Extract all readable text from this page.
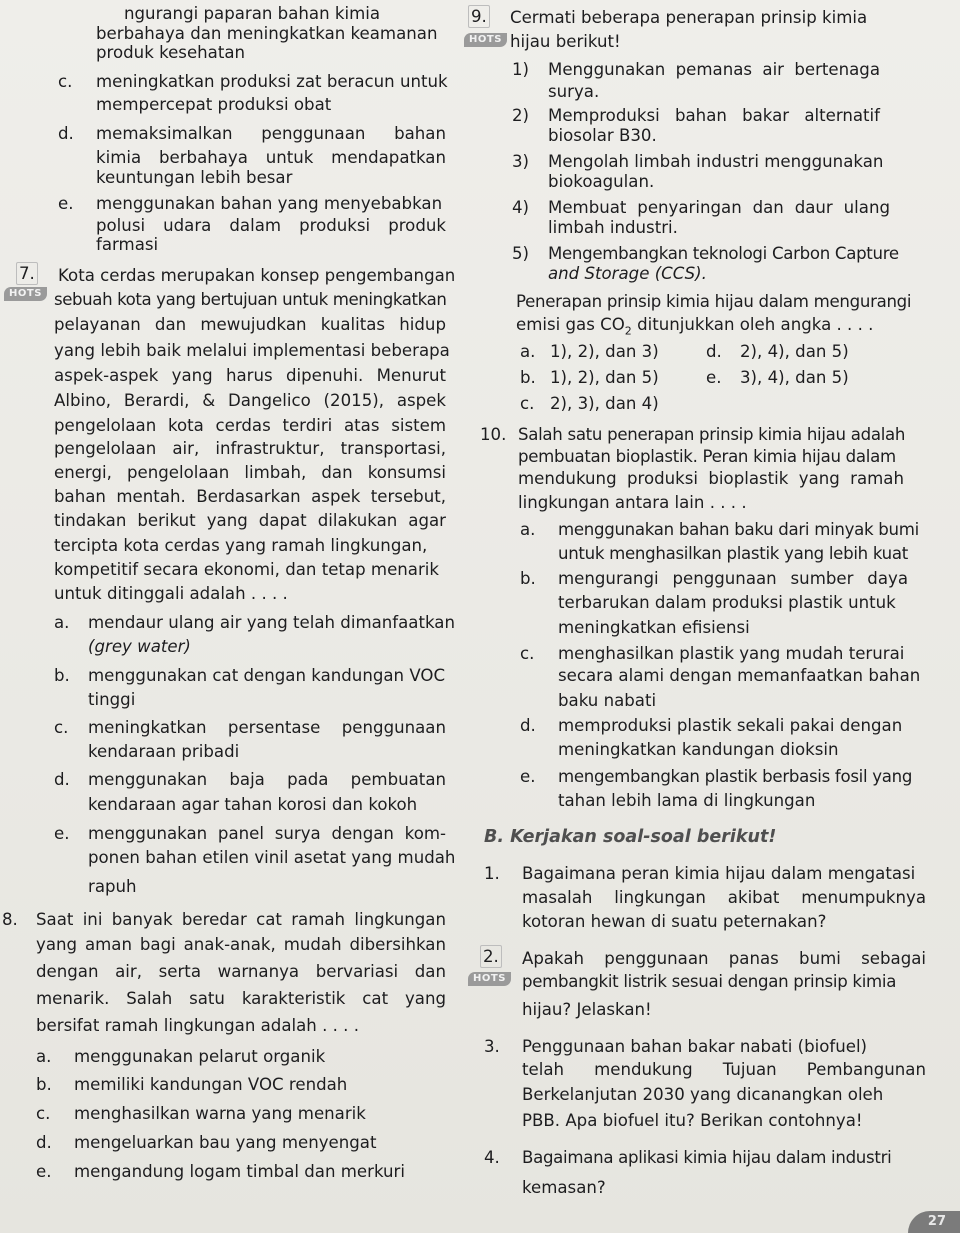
ngurangi paparan bahan kimia
berbahaya dan meningkatkan keamanan
produk kesehatan
c. meningkatkan produksi zat beracun untuk
mempercepat produksi obat
d. memaksimalkan penggunaan bahan
kimia berbahaya untuk mendapatkan
keuntungan lebih besar
e. menggunakan bahan yang menyebabkan
polusi udara dalam produksi produk
farmasi
7.
HOTS
Kota cerdas merupakan konsep pengembangan
sebuah kota yang bertujuan untuk meningkatkan
pelayanan dan mewujudkan kualitas hidup
yang lebih baik melalui implementasi beberapa
aspek-aspek yang harus dipenuhi. Menurut
Albino, Berardi, & Dangelico (2015), aspek
pengelolaan kota cerdas terdiri atas sistem
pengelolaan air, infrastruktur, transportasi,
energi, pengelolaan limbah, dan konsumsi
bahan mentah. Berdasarkan aspek tersebut,
tindakan berikut yang dapat dilakukan agar
tercipta kota cerdas yang ramah lingkungan,
kompetitif secara ekonomi, dan tetap menarik
untuk ditinggali adalah . . . .
a. mendaur ulang air yang telah dimanfaatkan
(grey water)
b. menggunakan cat dengan kandungan VOC
tinggi
c. meningkatkan persentase penggunaan
kendaraan pribadi
d. menggunakan baja pada pembuatan
kendaraan agar tahan korosi dan kokoh
e. menggunakan panel surya dengan kom-
ponen bahan etilen vinil asetat yang mudah
rapuh
8. Saat ini banyak beredar cat ramah lingkungan
yang aman bagi anak-anak, mudah dibersihkan
dengan air, serta warnanya bervariasi dan
menarik. Salah satu karakteristik cat yang
bersifat ramah lingkungan adalah . . . .
a. menggunakan pelarut organik
b. memiliki kandungan VOC rendah
c. menghasilkan warna yang menarik
d. mengeluarkan bau yang menyengat
e. mengandung logam timbal dan merkuri
9. Cermati beberapa penerapan prinsip kimia
HOTS hijau berikut!
1) Menggunakan pemanas air bertenaga
surya.
2) Memproduksi bahan bakar alternatif
biosolar B30.
3) Mengolah limbah industri menggunakan
biokoagulan.
4) Membuat penyaringan dan daur ulang
limbah industri.
5) Mengembangkan teknologi Carbon Capture
and Storage (CCS).
Penerapan prinsip kimia hijau dalam mengurangi
emisi gas $CO_2$ ditunjukkan oleh angka . . . .
a. 1), 2), dan 3)
b. 1), 2), dan 5)
c. 2), 3), dan 4)
d. 2), 4), dan 5)
e. 3), 4), dan 5)
10. Salah satu penerapan prinsip kimia hijau adalah
pembuatan bioplastik. Peran kimia hijau dalam
mendukung produksi bioplastik yang ramah
lingkungan antara lain . . . .
a. menggunakan bahan baku dari minyak bumi
untuk menghasilkan plastik yang lebih kuat
b. mengurangi penggunaan sumber daya
terbarukan dalam produksi plastik untuk
meningkatkan efisiensi
c. menghasilkan plastik yang mudah terurai
secara alami dengan memanfaatkan bahan
baku nabati
d. memproduksi plastik sekali pakai dengan
meningkatkan kandungan dioksin
e. mengembangkan plastik berbasis fosil yang
tahan lebih lama di lingkungan
B. Kerjakan soal-soal berikut!
1. Bagaimana peran kimia hijau dalam mengatasi
masalah lingkungan akibat menumpuknya
kotoran hewan di suatu peternakan?
2.
HOTS
Apakah penggunaan panas bumi sebagai
pembangkit listrik sesuai dengan prinsip kimia
hijau? Jelaskan!
3. Penggunaan bahan bakar nabati (biofuel)
telah mendukung Tujuan Pembangunan
Berkelanjutan 2030 yang dicanangkan oleh
PBB. Apa biofuel itu? Berikan contohnya!
4. Bagaimana aplikasi kimia hijau dalam industri
kemasan?
27
